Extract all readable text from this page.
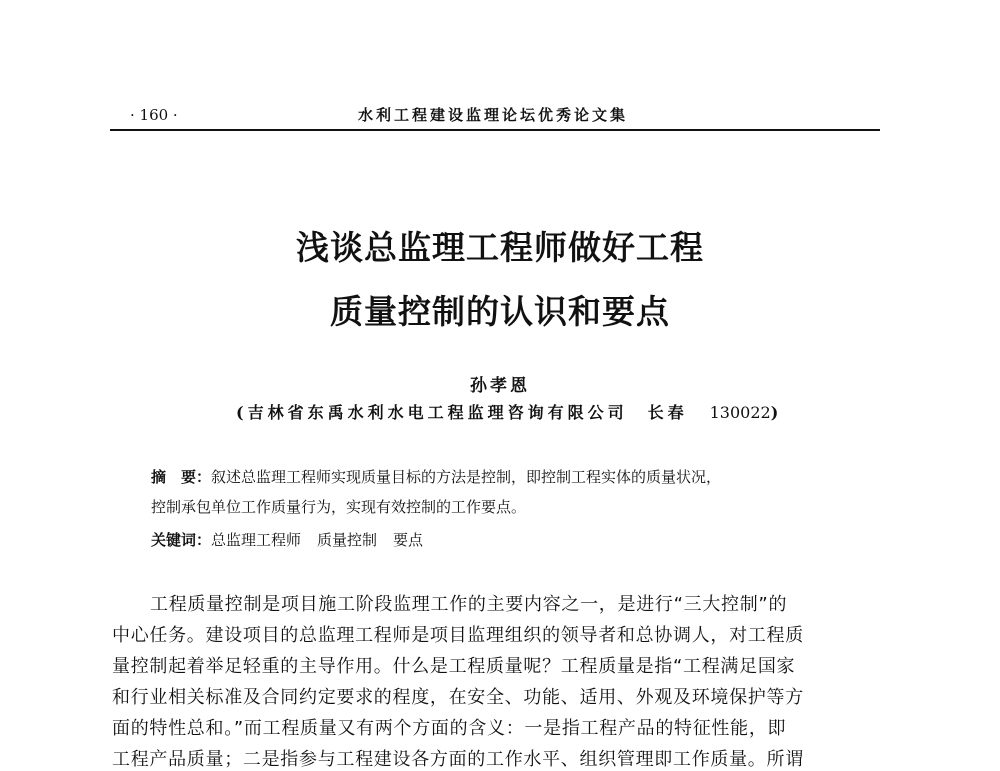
· 160 ·	水利工程建设监理论坛优秀论文集
浅谈总监理工程师做好工程
质量控制的认识和要点
孙孝恩
(吉林省东禹水利水电工程监理咨询有限公司 长春 130022)
摘　要：叙述总监理工程师实现质量目标的方法是控制，即控制工程实体的质量状况，
控制承包单位工作质量行为，实现有效控制的工作要点。
关键词：总监理工程师 质量控制 要点
工程质量控制是项目施工阶段监理工作的主要内容之一，是进行“三大控制”的
中心任务。建设项目的总监理工程师是项目监理组织的领导者和总协调人，对工程质
量控制起着举足轻重的主导作用。什么是工程质量呢？工程质量是指“工程满足国家
和行业相关标准及合同约定要求的程度，在安全、功能、适用、外观及环境保护等方
面的特性总和。”而工程质量又有两个方面的含义：一是指工程产品的特征性能，即
工程产品质量；二是指参与工程建设各方面的工作水平、组织管理即工作质量。所谓
